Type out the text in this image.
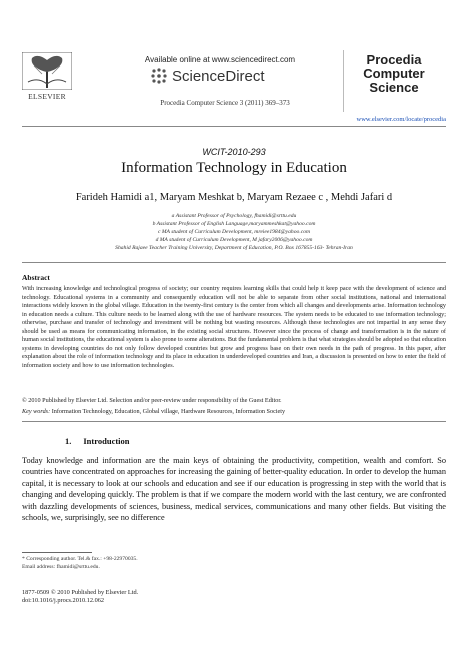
ELSEVIER
Available online at www.sciencedirect.com
ScienceDirect
Procedia Computer Science 3 (2011) 369–373
Procedia
Computer
Science
www.elsevier.com/locate/procedia
WCIT-2010-293
Information Technology in Education
Farideh Hamidi a1, Maryam Meshkat b, Maryam Rezaee c , Mehdi Jafari d
a Assistant Professor of Psychology, fhamidi@srttu.edu
b Assistant Professor of English Language,maryammeshkat@yahoo.com
c MA student of Curriculum Development, mreiee1984@yahoo.com
d MA student of Curriculum Development, M jafary2006@yahoo.com
Shahid Rajaee Teacher Training University, Department of Education, P.O. Box 167855-163- Tehran-Iran
Abstract
With increasing knowledge and technological progress of society; our country requires learning skills that could help it keep pace with the development of science and technology. Educational systems in a community and consequently education will not be able to separate from other social institutions, national and international interactions widely known in the global village. Education in the twenty-first century is the center from which all changes and developments arise. Information technology in education needs a culture. This culture needs to be learned along with the use of hardware resources. The system needs to be educated to use information technology; otherwise, purchase and transfer of technology and investment will be nothing but wasting resources. Although these technologies are not impartial in any sense they should be used as means for communicating information, in the existing social structures. However since the process of change and transformation is in the nature of human social institutions, the educational system is also prone to some alterations. But the fundamental problem is that what strategies should be adopted so that education systems in developing countries do not only follow developed countries but grow and progress base on their own needs in the path of progress. In this paper, after explanation about the role of information technology and its place in education in underdeveloped countries and Iran, a discussion is presented on how to enter the field of information society and how to use information technologies.
© 2010 Published by Elsevier Ltd. Selection and/or peer-review under responsibility of the Guest Editor.
Key words: Information Technology, Education, Global village, Hardware Resources, Information Society
1. Introduction
Today knowledge and information are the main keys of obtaining the productivity, competition, wealth and comfort. So countries have concentrated on approaches for increasing the gaining of better-quality education. In order to develop the human capital, it is necessary to look at our schools and education and see if our education is progressing in step with the world that is changing and developing quickly. The problem is that if we compare the modern world with the last century, we are confronted with dazzling developments of sciences, business, medical services, communications and many other fields. But visiting the schools, we, surprisingly, see no difference
* Corresponding author. Tel.& fax.: +98-22970035.
Email address: fhamidi@srttu.edu.
1877-0509 © 2010 Published by Elsevier Ltd.
doi:10.1016/j.procs.2010.12.062
